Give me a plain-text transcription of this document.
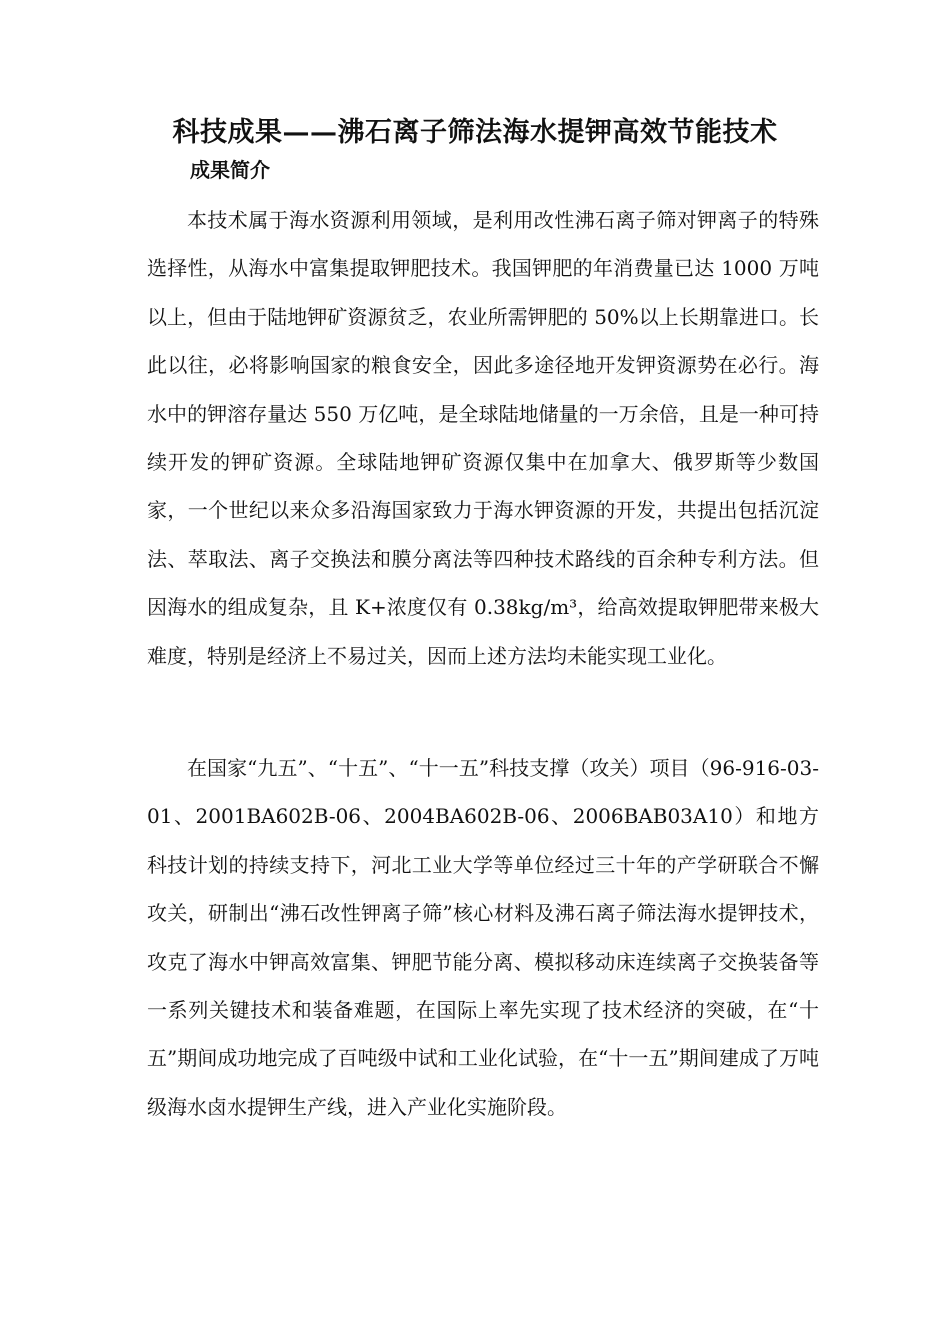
科技成果——沸石离子筛法海水提钾高效节能技术
成果简介

本技术属于海水资源利用领域，是利用改性沸石离子筛对钾离子的特殊选择性，从海水中富集提取钾肥技术。我国钾肥的年消费量已达 1000 万吨以上，但由于陆地钾矿资源贫乏，农业所需钾肥的 50%以上长期靠进口。长此以往，必将影响国家的粮食安全，因此多途径地开发钾资源势在必行。海水中的钾溶存量达 550 万亿吨，是全球陆地储量的一万余倍，且是一种可持续开发的钾矿资源。全球陆地钾矿资源仅集中在加拿大、俄罗斯等少数国家，一个世纪以来众多沿海国家致力于海水钾资源的开发，共提出包括沉淀法、萃取法、离子交换法和膜分离法等四种技术路线的百余种专利方法。但因海水的组成复杂，且 K+浓度仅有 0.38kg/m³，给高效提取钾肥带来极大难度，特别是经济上不易过关，因而上述方法均未能实现工业化。

在国家“九五”、“十五”、“十一五”科技支撑（攻关）项目（96-916-03-01、2001BA602B-06、2004BA602B-06、2006BAB03A10）和地方科技计划的持续支持下，河北工业大学等单位经过三十年的产学研联合不懈攻关，研制出“沸石改性钾离子筛”核心材料及沸石离子筛法海水提钾技术，攻克了海水中钾高效富集、钾肥节能分离、模拟移动床连续离子交换装备等一系列关键技术和装备难题，在国际上率先实现了技术经济的突破，在“十五”期间成功地完成了百吨级中试和工业化试验，在“十一五”期间建成了万吨级海水卤水提钾生产线，进入产业化实施阶段。
